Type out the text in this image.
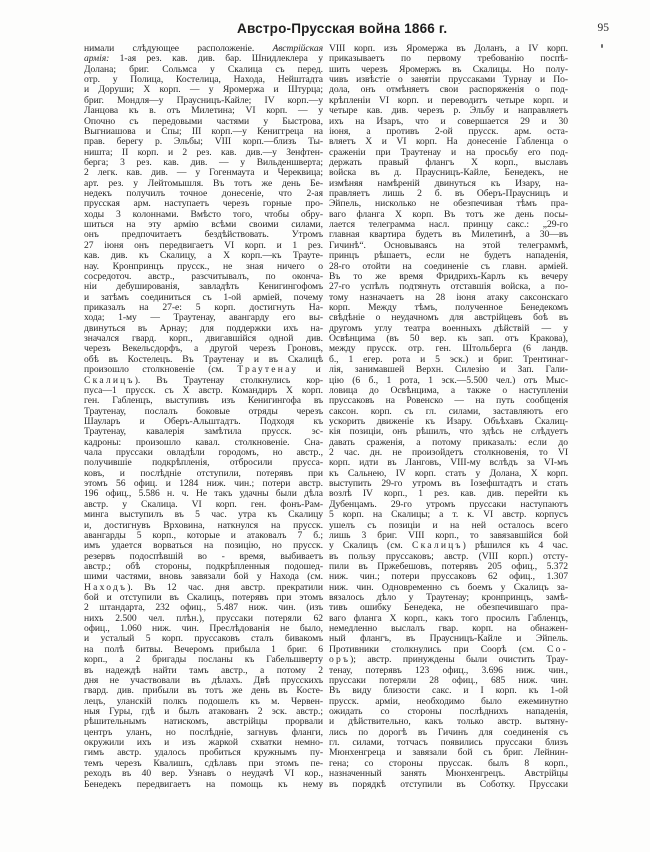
Австро-Прусская война 1866 г.	95
нимали слѣдующее расположеніе. Австрійская
армія: 1-ая рез. кав. див. бар. Шнидлеклера у
Долана; бриг. Сольмса у Скалица съ перед.
отр. у Полица, Костелица, Находа, Нейштадта
и Доруши; X корп. — у Яромержа и Штурца;
бриг. Мондля—у Праусницъ-Кайле; IV корп.—у
Ланцова къ в. отъ Милетина; VI корп. — у
Опочно съ передовыми частями у Быстрова,
Выгниашова и Спы; III корп.—у Кениггреца на
прав. берегу р. Эльбы; VIII корп.—близъ Ты-
ништа; II корп. и 2 рез. кав. див.—у Зенфтен-
берга; 3 рез. кав. див. — у Вильденшверта;
2 легк. кав. див. — у Гогенмаута и Череквица;
арт. рез. у Лейтомышля. Въ тотъ же день Бе-
недекъ получилъ точное донесеніе, что 2-ая
прусская арм. наступаетъ черезъ горные про-
ходы 3 колоннами. Вмѣсто того, чтобы обру-
шиться на эту армію всѣми своими силами,
онъ предпочитаетъ бездѣйствовать. Утромъ
27 іюня онъ передвигаетъ VI корп. и 1 рез.
кав. див. къ Скалицу, а X корп.—къ Трауте-
нау. Кронпринцъ прусск., не зная ничего о
сосредоточ. австр., разсчитывалъ, по оконча-
ніи дебушированія, завладѣть Кенигингофомъ
и затѣмъ соединиться съ 1-ой арміей, почему
приказалъ на 27-е: 5 корп. достигнуть На-
хода; 1-му — Траутенау, авангарду его вы-
двинуться въ Арнау; для поддержки ихъ на-
значался гвард. корп., двигавшійся одной див.
черезъ Векельсдорфъ, а другой черезъ Гроновъ,
обѣ въ Костелецъ. Въ Траутенау и въ Скалицѣ
произошло столкновеніе (см. Траутенау и
Скалицъ). Въ Траутенау столкнулись кор-
пуса—1 прусск. съ X австр. Командиръ X корп.
ген. Габленцъ, выступивъ изъ Кенигингофа въ
Траутенау, послалъ боковые отряды черезъ
Шауларъ и Оберъ-Альштадтъ. Подходя къ
Траутенау, кавалерія замѣтила прусск. эс-
кадроны: произошло кавал. столкновеніе. Сна-
чала пруссаки овладѣли городомъ, но австр.,
получившіе подкрѣпленія, отбросили прусса-
ковъ, и послѣдніе отступили, потерявъ при
этомъ 56 офиц. и 1284 ниж. чин.; потери австр.
196 офиц., 5.586 н. ч. Не такъ удачны были дѣла
австр. у Скалица. VI корп. ген. фонъ-Рам-
минга выступилъ въ 5 час. утра къ Скалицу
и, достигнувъ Врховина, наткнулся на прусск.
авангарды 5 корп., которые и атаковалъ 7 б.;
имъ удается ворваться на позицію, но прусск.
резервъ подоспѣвшій во - время, выбиваетъ
австр.; обѣ стороны, подкрѣпленныя подошед-
шими частями, вновь завязали бой у Находа (см.
Находъ). Въ 12 час. дня австр. прекратили
бой и отступили въ Скалицъ, потерявъ при этомъ
2 штандарта, 232 офиц., 5.487 ниж. чин. (изъ
нихъ 2.500 чел. плѣн.), пруссаки потеряли 62
офиц., 1.060 ниж. чин. Преслѣдованія не было,
и усталый 5 корп. пруссаковъ сталъ бивакомъ
на полѣ битвы. Вечеромъ прибыла 1 бриг. 6
корп., а 2 бригады посланы къ Габельшверту
въ надеждѣ найти тамъ австр., а потому 2
дня не участвовали въ дѣлахъ. Двѣ прусскихъ
гвард. див. прибыли въ тотъ же день въ Косте-
лецъ, уланскій полкъ подошелъ къ м. Червен-
ныя Гуры, гдѣ и былъ атакованъ 2 эск. австр.;
рѣшительнымъ натискомъ, австрійцы прорвали
центръ уланъ, но послѣдніе, загнувъ фланги,
окружили ихъ и изъ жаркой схватки немно-
гимъ австр. удалось пробиться кружнымъ пу-
темъ черезъ Квалишъ, сдѣлавъ при этомъ пе-
реходъ въ 40 вер. Узнавъ о неудачѣ VI кор.,
Бенедекъ передвигаетъ на помощь къ нему
VIII корп. изъ Яромержа въ Доланъ, а IV корп.
приказываетъ по первому требованію поспѣ-
шить черезъ Яромержъ въ Скалицы. Но полу-
чивъ извѣстіе о занятіи пруссаками Турнау и По-
дола, онъ отмѣняетъ свои распоряженія о под-
крѣпленіи VI корп. и переводитъ четыре корп. и
четыре кав. див. черезъ р. Эльбу и направляетъ
ихъ на Изаръ, что и совершается 29 и 30
іюня, а противъ 2-ой прусск. арм. оста-
вляетъ X и VI корп. На донесеніе Габленца о
сраженіи при Траутенау и на просьбу его под-
держать правый флангъ X корп., выславъ
войска въ д. Праусницъ-Кайле, Бенедекъ, не
измѣняя намѣреній двинуться къ Изару, на-
правляетъ лишь 2 б. въ Оберъ-Праусницъ и
Эйпель, нисколько не обезпечивая тѣмъ пра-
ваго фланга X корп. Въ тотъ же день посы-
лается телеграмма насл. принцу сакс.: „29-го
главная квартира будетъ въ Милетинѣ, а 30—въ
Гичинѣ“. Основываясь на этой телеграммѣ,
принцъ рѣшаетъ, если не будетъ нападенія,
28-го отойти на соединеніе съ главн. арміей.
Въ то же время Фридрихъ-Карлъ къ вечеру
27-го успѣлъ подтянуть отставшія войска, а по-
тому назначаетъ на 28 іюня атаку саксонскаго
корп. Между тѣмъ, полученное Бенедекомъ
свѣдѣніе о неудачномъ для австрійцевъ боѣ въ
другомъ углу театра военныхъ дѣйствій — у
Освѣнцима (въ 50 вер. къ зап. отъ Кракова),
между прусск. отр. ген. Штольберга (6 ландв.
б., 1 егер. рота и 5 эск.) и бриг. Трентинаг-
лія, занимавшей Верхн. Силезію и Зап. Гали-
цію (6 б., 1 рота, 1 эск.—5.500 чел.) отъ Мыс-
ловица до Освѣнцима, а также о наступленіи
пруссаковъ на Ровенско — на путь сообщенія
саксон. корп. съ гл. силами, заставляютъ его
ускорить движеніе къ Изару. Объѣхавъ Скалиц-
кія позиціи, онъ рѣшилъ, что здѣсь не слѣдуетъ
давать сраженія, а потому приказалъ: если до
2 час. дн. не произойдетъ столкновенія, то VI
корп. идти въ Ланговъ, VIII-му вслѣдъ за VI-мъ
къ Сальнею, IV корп. стать у Долана, X корп.
выступить 29-го утромъ въ Іозефштадтъ и стать
возлѣ IV корп., 1 рез. кав. див. перейти къ
Дубенцамъ. 29-го утромъ пруссаки наступаютъ
5 корп. на Скалицы; а т. к. VI австр. корпусъ
ушелъ съ позиціи и на ней осталось всего
лишь 3 бриг. VIII корп., то завязавшійся бой
у Скалицъ (см. Скалицъ) рѣшился къ 4 час.
въ пользу пруссаковъ; австр. (VIII корп.) отсту-
пили въ Пржебешовъ, потерявъ 205 офиц., 5.372
ниж. чин.; потери пруссаковъ 62 офиц., 1.307
ниж. чин. Одновременно съ боемъ у Скалицъ за-
вязалось дѣло у Траутенау; кронпринцъ, замѣ-
тивъ ошибку Бенедека, не обезпечившаго пра-
ваго фланга X корп., какъ того просилъ Габленцъ,
немедленно выслалъ гвар. корп. на обнажен-
ный флангъ, въ Праусницъ-Кайле и Эйпель.
Противники столкнулись при Соорѣ (см. Со-
оръ); австр. принуждены были очистить Трау-
тенау, потерявъ 123 офиц., 3.696 ниж. чин.,
пруссаки потеряли 28 офиц., 685 ниж. чин.
Въ виду близости сакс. и I корп. къ 1-ой
прусск. арміи, необходимо было ежеминутно
ожидать со стороны послѣднихъ нападенія,
и дѣйствительно, какъ только австр. вытяну-
лись по дорогѣ въ Гичинъ для соединенія съ
гл. силами, тотчасъ появились пруссаки близъ
Мюнхенгреца и завязали бой съ бриг. Лейнин-
гена; со стороны пруссак. былъ 8 корп.,
назначенный занять Мюнхенгрецъ. Австрійцы
въ порядкѣ отступили въ Соботку. Пруссаки
